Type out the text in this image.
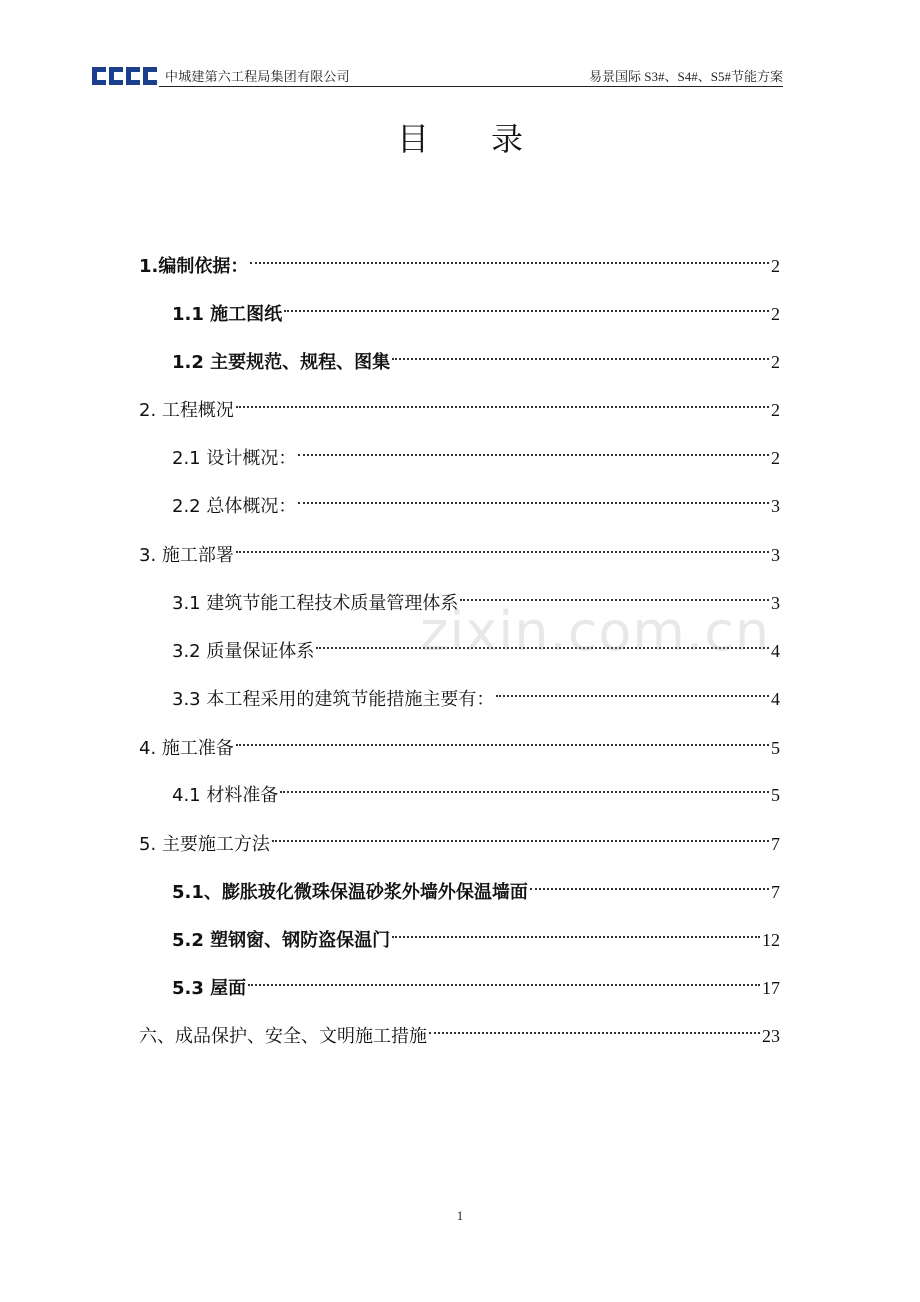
中城建第六工程局集团有限公司	易景国际 S3#、S4#、S5#节能方案
目录
1.编制依据：	2
1.1 施工图纸	2
1.2 主要规范、规程、图集	2
2. 工程概况	2
2.1 设计概况：	2
2.2 总体概况：	3
3. 施工部署	3
3.1 建筑节能工程技术质量管理体系	3
3.2 质量保证体系	4
3.3 本工程采用的建筑节能措施主要有：	4
4. 施工准备	5
4.1 材料准备	5
5. 主要施工方法	7
5.1、膨胀玻化微珠保温砂浆外墙外保温墙面	7
5.2 塑钢窗、钢防盗保温门	12
5.3 屋面	17
六、成品保护、安全、文明施工措施	23
zixin.com.cn
1
